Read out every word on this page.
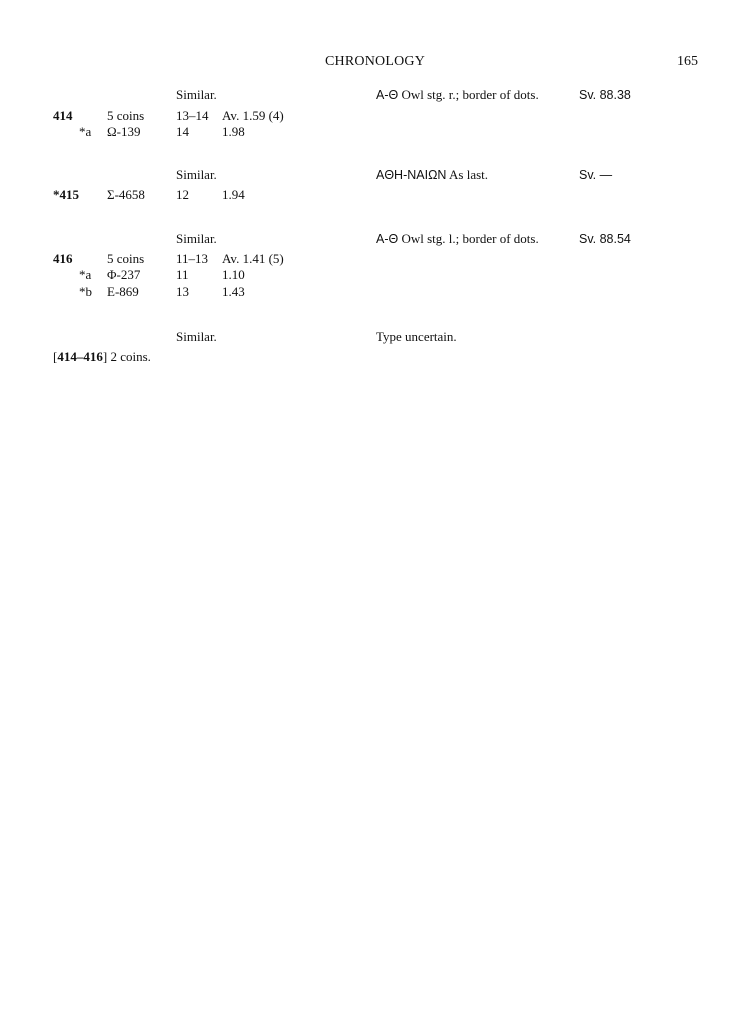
CHRONOLOGY	165
Similar.	A-Θ Owl stg. r.; border of dots.	Sv. 88.38
414	5 coins 13–14 Av. 1.59 (4)
*a Ω-139	14	1.98
Similar.	AΘH-NAIΩN As last.	Sv. —
*415 Σ-4658 12	1.94
Similar.	A-Θ Owl stg. l.; border of dots.	Sv. 88.54
416	5 coins 11–13 Av. 1.41 (5)
*a Φ-237	11	1.10
*b E-869	13	1.43
Similar.	Type uncertain.
[414–416] 2 coins.
